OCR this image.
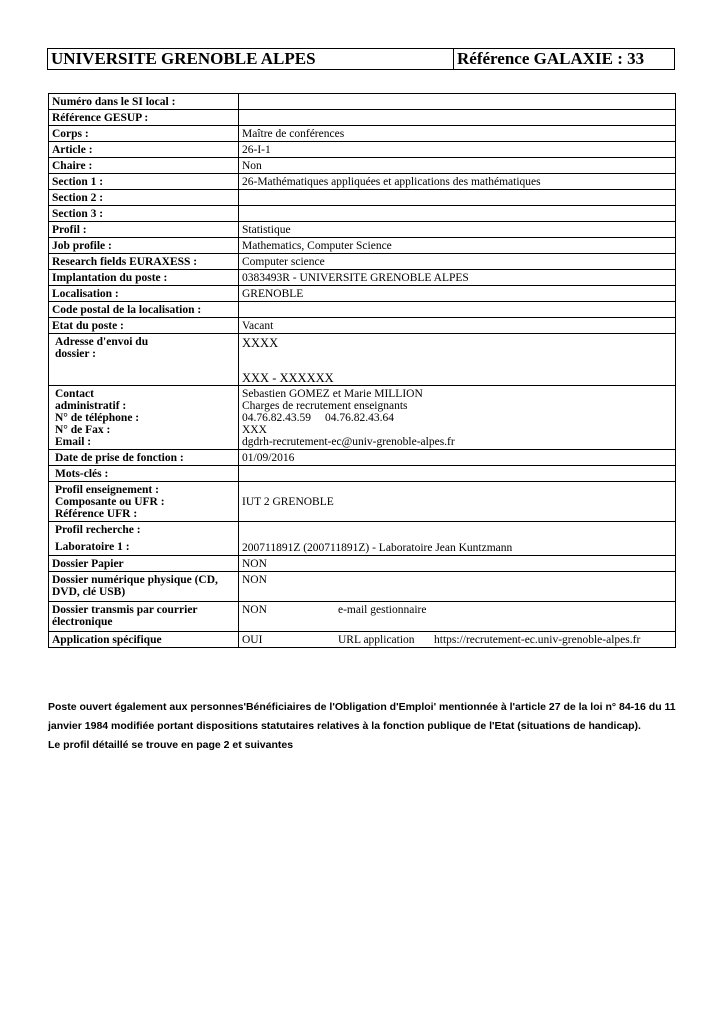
UNIVERSITE GRENOBLE ALPES	Référence GALAXIE : 33
Numéro dans le SI local :	
Référence GESUP :	
Corps :	Maître de conférences
Article :	26-I-1
Chaire :	Non
Section 1 :	26-Mathématiques appliquées et applications des mathématiques
Section 2 :	
Section 3 :	
Profil :	Statistique
Job profile :	Mathematics, Computer Science
Research fields EURAXESS :	Computer science
Implantation du poste :	0383493R - UNIVERSITE GRENOBLE ALPES
Localisation :	GRENOBLE
Code postal de la localisation :	
Etat du poste :	Vacant

Adresse d'envoi du
dossier :	XXXX
XXX - XXXXXX

Contact
administratif :
N° de téléphone :
N° de Fax :
Email :	Sebastien GOMEZ et Marie MILLION
Charges de recrutement enseignants
04.76.82.43.59 04.76.82.43.64
XXX
dgdrh-recrutement-ec@univ-grenoble-alpes.fr

Date de prise de fonction :	01/09/2016
Mots-clés :	

Profil enseignement :
Composante ou UFR :
Référence UFR :	IUT 2 GRENOBLE

Profil recherche :
Laboratoire 1 :	200711891Z (200711891Z) - Laboratoire Jean Kuntzmann
Dossier Papier	NON
Dossier numérique physique (CD, DVD, clé USB)	NON
Dossier transmis par courrier électronique	NON e-mail gestionnaire
Application spécifique	OUI URL application https://recrutement-ec.univ-grenoble-alpes.fr

Poste ouvert également aux personnes'Bénéficiaires de l'Obligation d'Emploi' mentionnée à l'article 27 de la loi n° 84-16 du 11 janvier 1984 modifiée portant dispositions statutaires relatives à la fonction publique de l'Etat (situations de handicap).

Le profil détaillé se trouve en page 2 et suivantes
